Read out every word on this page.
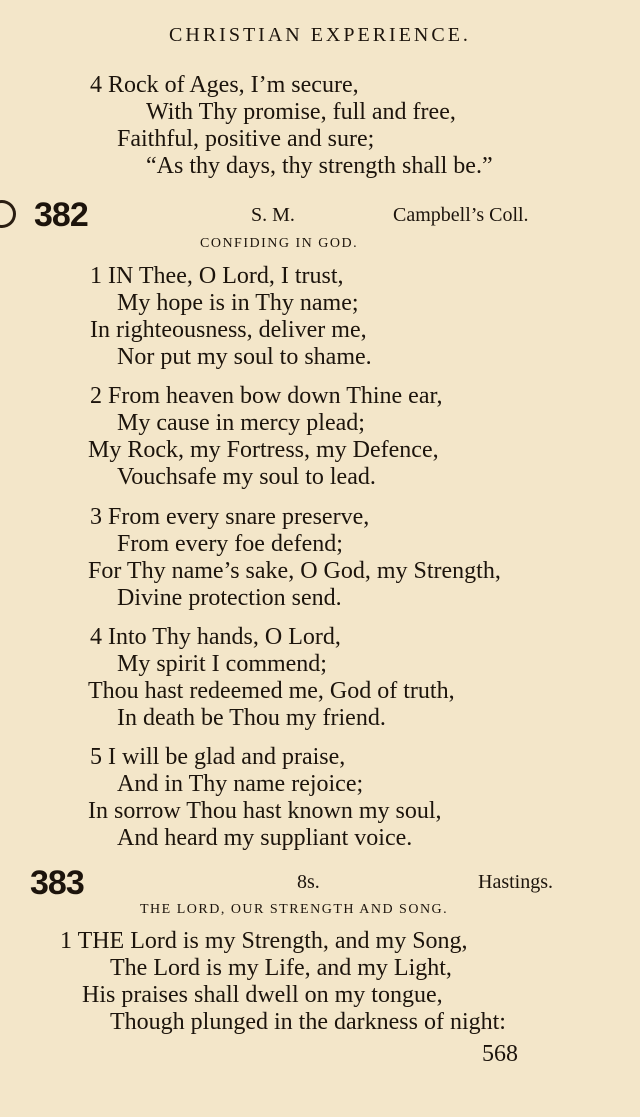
CHRISTIAN EXPERIENCE.
4 Rock of Ages, I’m secure,
With Thy promise, full and free,
Faithful, positive and sure;
“As thy days, thy strength shall be.”
382	S. M.	Campbell’s Coll.
CONFIDING IN GOD.
1 IN Thee, O Lord, I trust,
My hope is in Thy name;
In righteousness, deliver me,
Nor put my soul to shame.
2 From heaven bow down Thine ear,
My cause in mercy plead;
My Rock, my Fortress, my Defence,
Vouchsafe my soul to lead.
3 From every snare preserve,
From every foe defend;
For Thy name’s sake, O God, my Strength,
Divine protection send.
4 Into Thy hands, O Lord,
My spirit I commend;
Thou hast redeemed me, God of truth,
In death be Thou my friend.
5 I will be glad and praise,
And in Thy name rejoice;
In sorrow Thou hast known my soul,
And heard my suppliant voice.
383	8s.	Hastings.
THE LORD, OUR STRENGTH AND SONG.
1 THE Lord is my Strength, and my Song,
The Lord is my Life, and my Light,
His praises shall dwell on my tongue,
Though plunged in the darkness of night:
568
